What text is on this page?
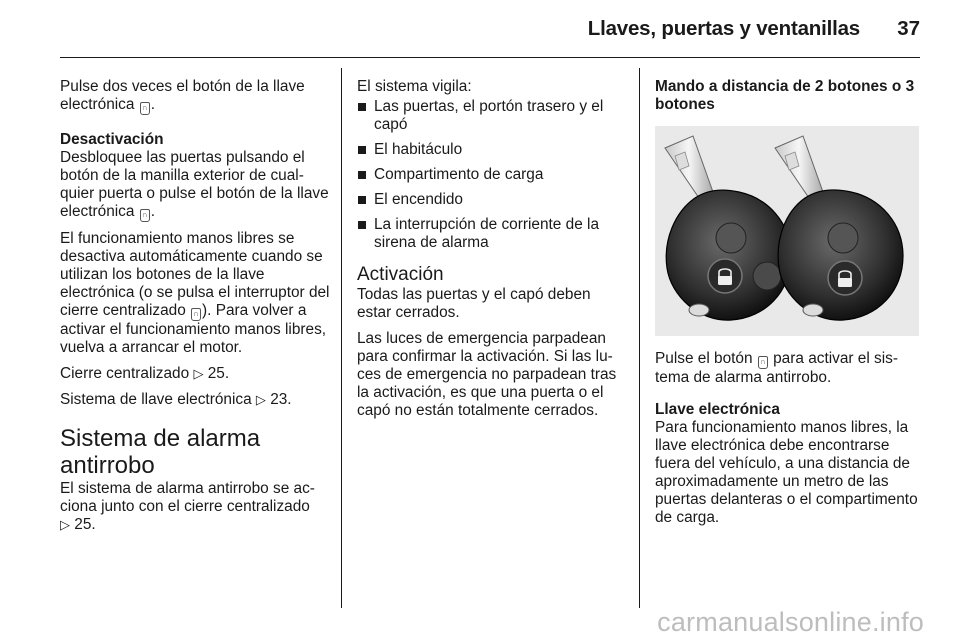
Llaves, puertas y ventanillas	37

Pulse dos veces el botón de la llave electrónica ∩ .

Desactivación

Desbloquee las puertas pulsando el botón de la manilla exterior de cualquier puerta o pulse el botón de la llave electrónica ∩ .

El funcionamiento manos libres se desactiva automáticamente cuando se utilizan los botones de la llave electrónica (o se pulsa el interruptor del cierre centralizado ∩ ). Para volver a activar el funcionamiento manos libres, vuelva a arrancar el motor.

Cierre centralizado ▷ 25.

Sistema de llave electrónica ▷ 23.

Sistema de alarma antirrobo

El sistema de alarma antirrobo se acciona junto con el cierre centralizado
▷ 25.

El sistema vigila:

Las puertas, el portón trasero y el capó
El habitáculo
Compartimento de carga
El encendido
La interrupción de corriente de la sirena de alarma
Activación

Todas las puertas y el capó deben estar cerrados.

Las luces de emergencia parpadean para confirmar la activación. Si las luces de emergencia no parpadean tras la activación, es que una puerta o el capó no están totalmente cerrados.

Mando a distancia de 2 botones o 3 botones

Pulse el botón ∩ para activar el sistema de alarma antirrobo.

Llave electrónica

Para funcionamiento manos libres, la llave electrónica debe encontrarse fuera del vehículo, a una distancia de aproximadamente un metro de las puertas delanteras o el compartimento de carga.

carmanualsonline.info
